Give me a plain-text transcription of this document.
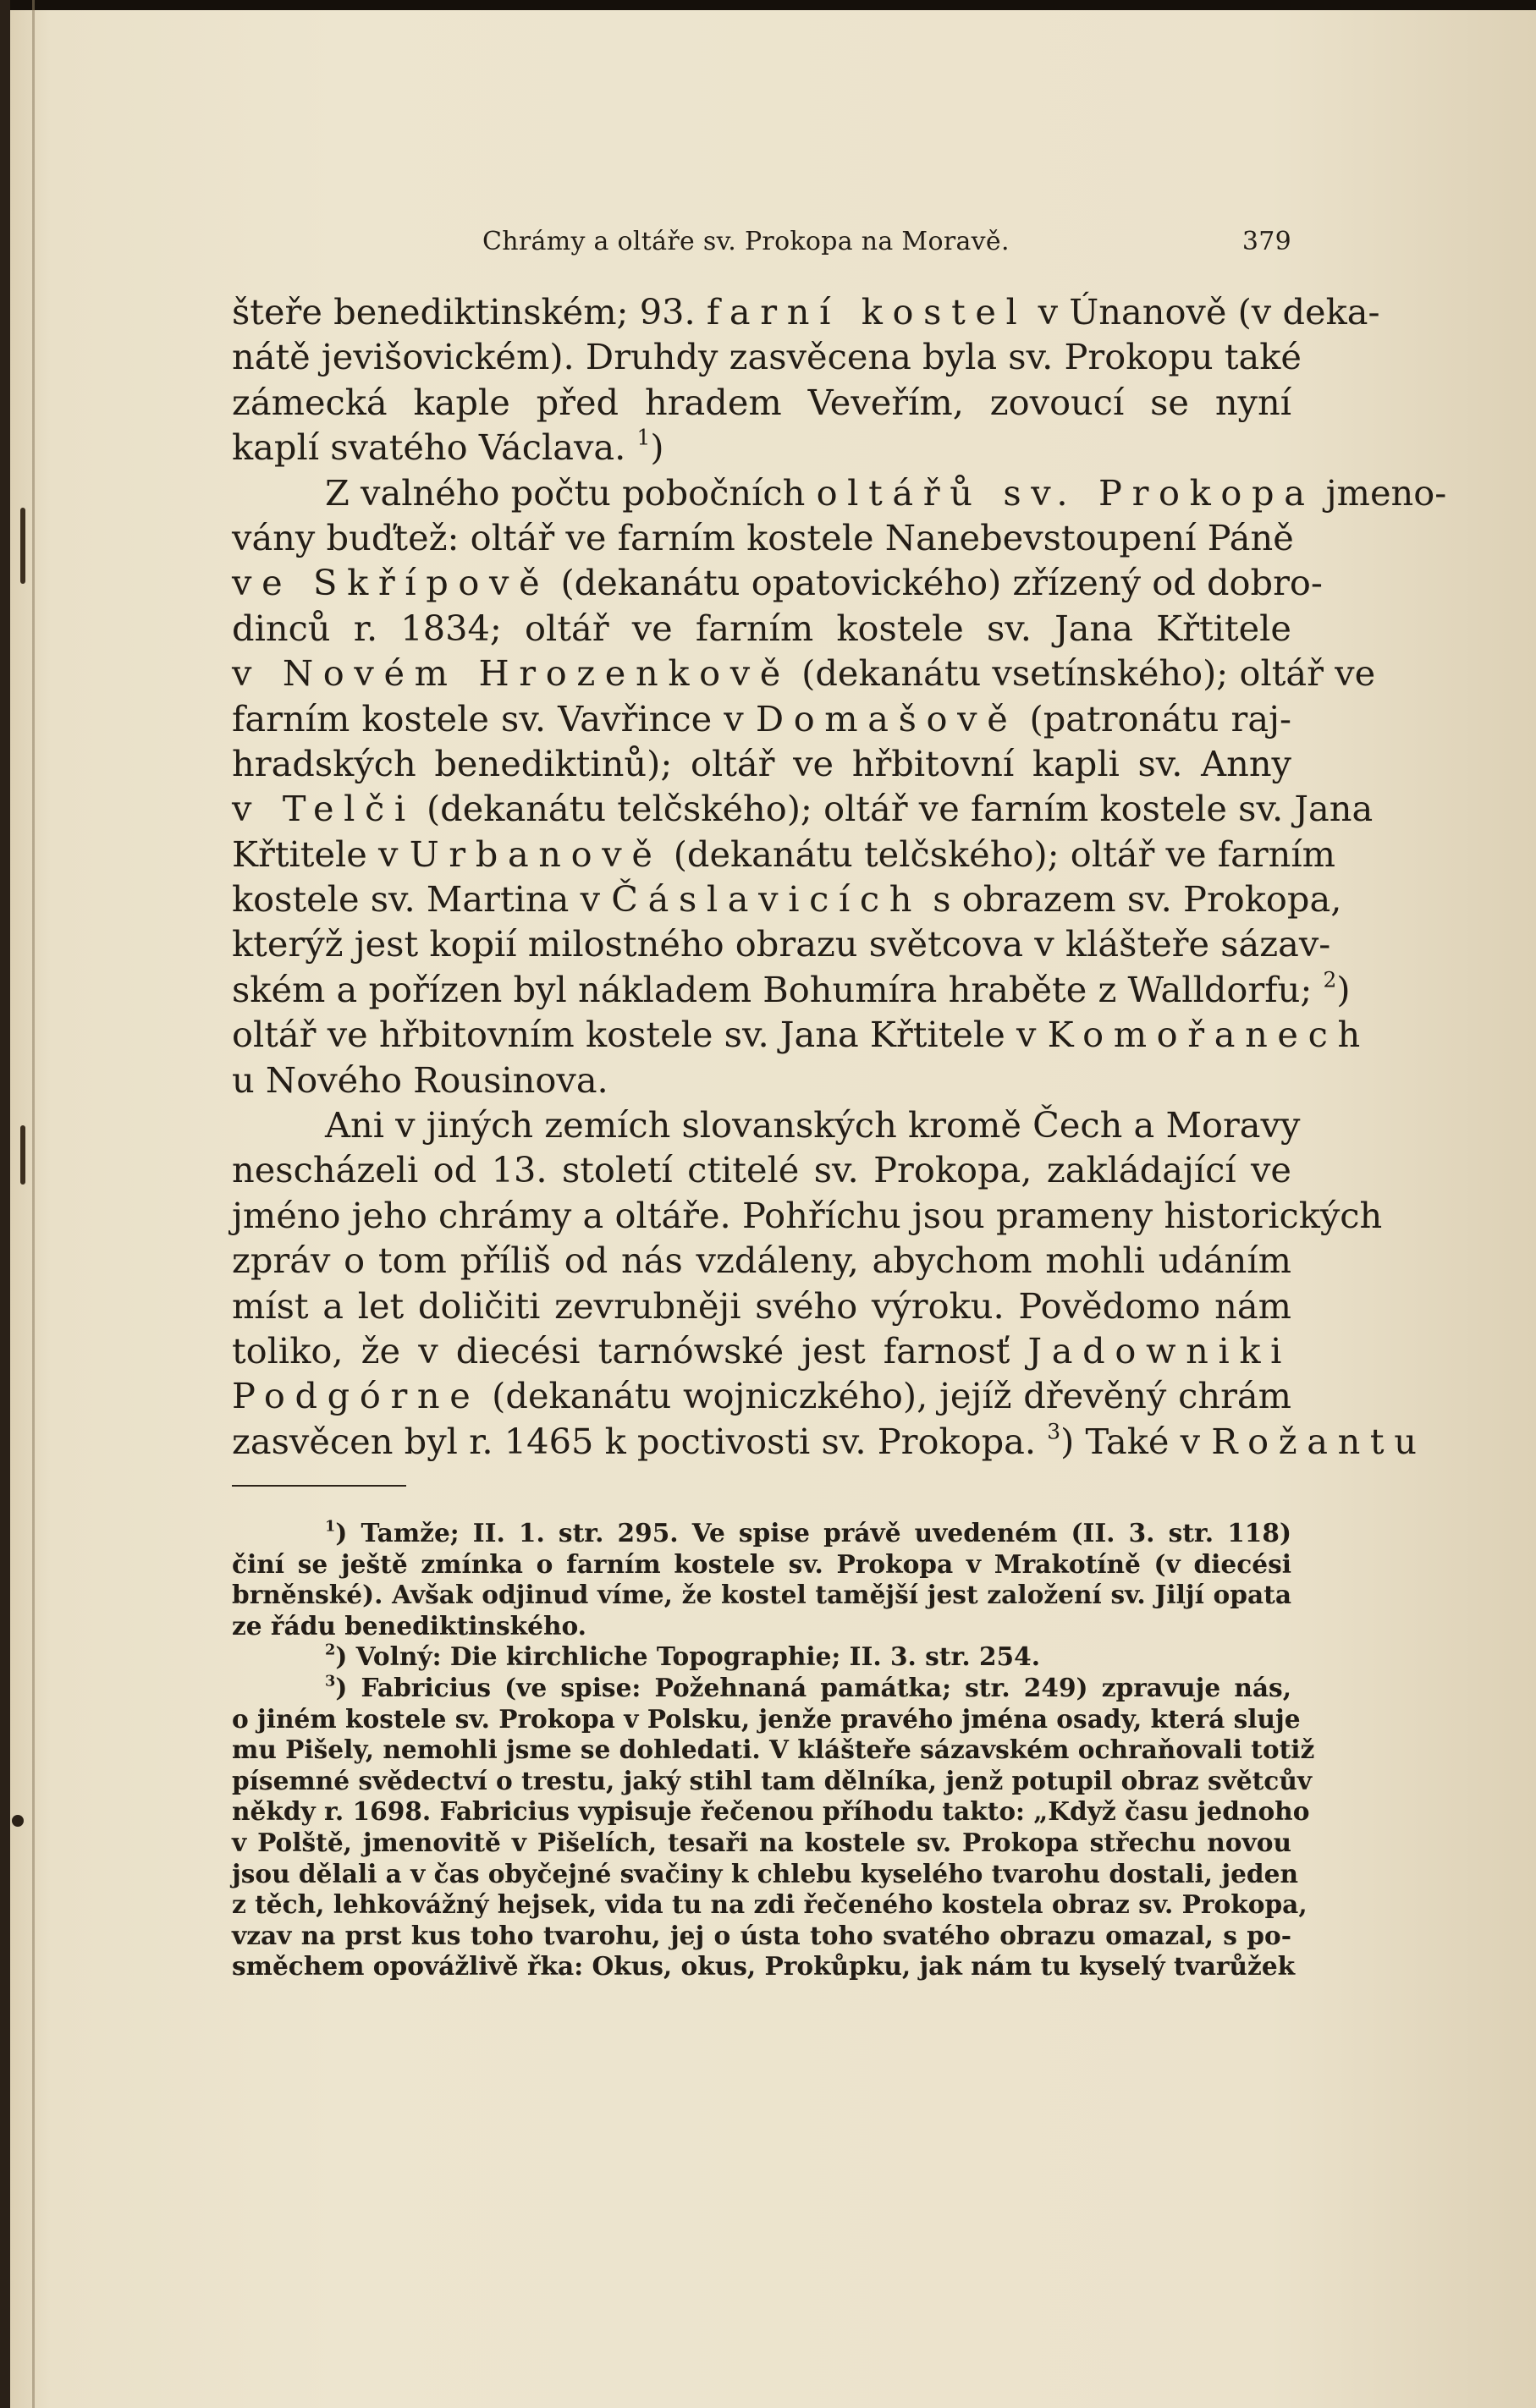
Chrámy a oltáře sv. Prokopa na Moravě.	379
šteře benediktinském; 93. farní kostel v Únanově (v deka-
nátě jevišovickém). Druhdy zasvěcena byla sv. Prokopu také
zámecká kaple před hradem Veveřím, zovoucí se nyní
kaplí svatého Václava. $^1$)
Z valného počtu pobočních oltářů sv. Prokopa jmeno-
vány buďtež: oltář ve farním kostele Nanebevstoupení Páně
ve Skřípově (dekanátu opatovického) zřízený od dobro-
dinců r. 1834; oltář ve farním kostele sv. Jana Křtitele
v Novém Hrozenkově (dekanátu vsetínského); oltář ve
farním kostele sv. Vavřince v Domašově (patronátu raj-
hradských benediktinů); oltář ve hřbitovní kapli sv. Anny
v Telči (dekanátu telčského); oltář ve farním kostele sv. Jana
Křtitele v Urbanově (dekanátu telčského); oltář ve farním
kostele sv. Martina v Čáslavicích s obrazem sv. Prokopa,
kterýž jest kopií milostného obrazu světcova v klášteře sázav-
ském a pořízen byl nákladem Bohumíra hraběte z Walldorfu; $^2$)
oltář ve hřbitovním kostele sv. Jana Křtitele v Komořanech
u Nového Rousinova.
Ani v jiných zemích slovanských kromě Čech a Moravy
nescházeli od 13. století ctitelé sv. Prokopa, zakládající ve
jméno jeho chrámy a oltáře. Pohříchu jsou prameny historických
zpráv o tom příliš od nás vzdáleny, abychom mohli udáním
míst a let doličiti zevrubněji svého výroku. Povědomo nám
toliko, že v diecési tarnówské jest farnosť Jadowniki
Podgórne (dekanátu wojniczkého), jejíž dřevěný chrám
zasvěcen byl r. 1465 k poctivosti sv. Prokopa. $^3$) Také v Rožantu
$^1$) Tamže; II. 1. str. 295. Ve spise právě uvedeném (II. 3. str. 118)
činí se ještě zmínka o farním kostele sv. Prokopa v Mrakotíně (v diecési
brněnské). Avšak odjinud víme, že kostel tamější jest založení sv. Jiljí opata
ze řádu benediktinského.
$^2$) Volný: Die kirchliche Topographie; II. 3. str. 254.
$^3$) Fabricius (ve spise: Požehnaná památka; str. 249) zpravuje nás,
o jiném kostele sv. Prokopa v Polsku, jenže pravého jména osady, která sluje
mu Pišely, nemohli jsme se dohledati. V klášteře sázavském ochraňovali totiž
písemné svědectví o trestu, jaký stihl tam dělníka, jenž potupil obraz světcův
někdy r. 1698. Fabricius vypisuje řečenou příhodu takto: „Když času jednoho
v Polště, jmenovitě v Pišelích, tesaři na kostele sv. Prokopa střechu novou
jsou dělali a v čas obyčejné svačiny k chlebu kyselého tvarohu dostali, jeden
z těch, lehkovážný hejsek, vida tu na zdi řečeného kostela obraz sv. Prokopa,
vzav na prst kus toho tvarohu, jej o ústa toho svatého obrazu omazal, s po-
směchem opovážlivě řka: Okus, okus, Prokůpku, jak nám tu kyselý tvarůžek
